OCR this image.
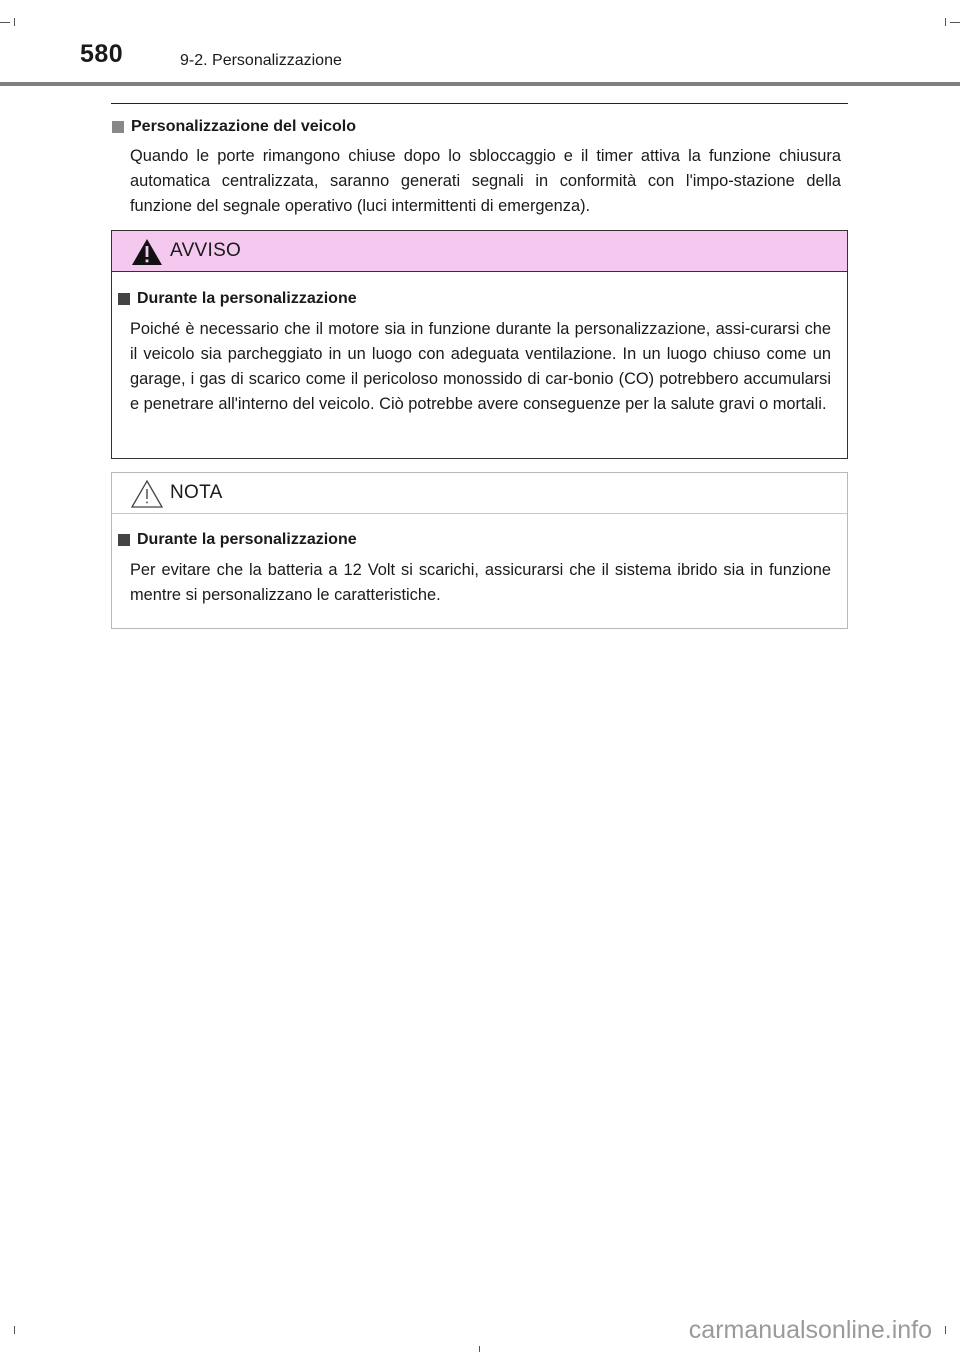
580	9-2. Personalizzazione
Personalizzazione del veicolo

Quando le porte rimangono chiuse dopo lo sbloccaggio e il timer attiva la funzione chiusura automatica centralizzata, saranno generati segnali in conformità con l'impo-stazione della funzione del segnale operativo (luci intermittenti di emergenza).

AVVISO
Durante la personalizzazione

Poiché è necessario che il motore sia in funzione durante la personalizzazione, assi-curarsi che il veicolo sia parcheggiato in un luogo con adeguata ventilazione. In un luogo chiuso come un garage, i gas di scarico come il pericoloso monossido di car-bonio (CO) potrebbero accumularsi e penetrare all'interno del veicolo. Ciò potrebbe avere conseguenze per la salute gravi o mortali.

NOTA
Durante la personalizzazione

Per evitare che la batteria a 12 Volt si scarichi, assicurarsi che il sistema ibrido sia in funzione mentre si personalizzano le caratteristiche.

carmanualsonline.info
